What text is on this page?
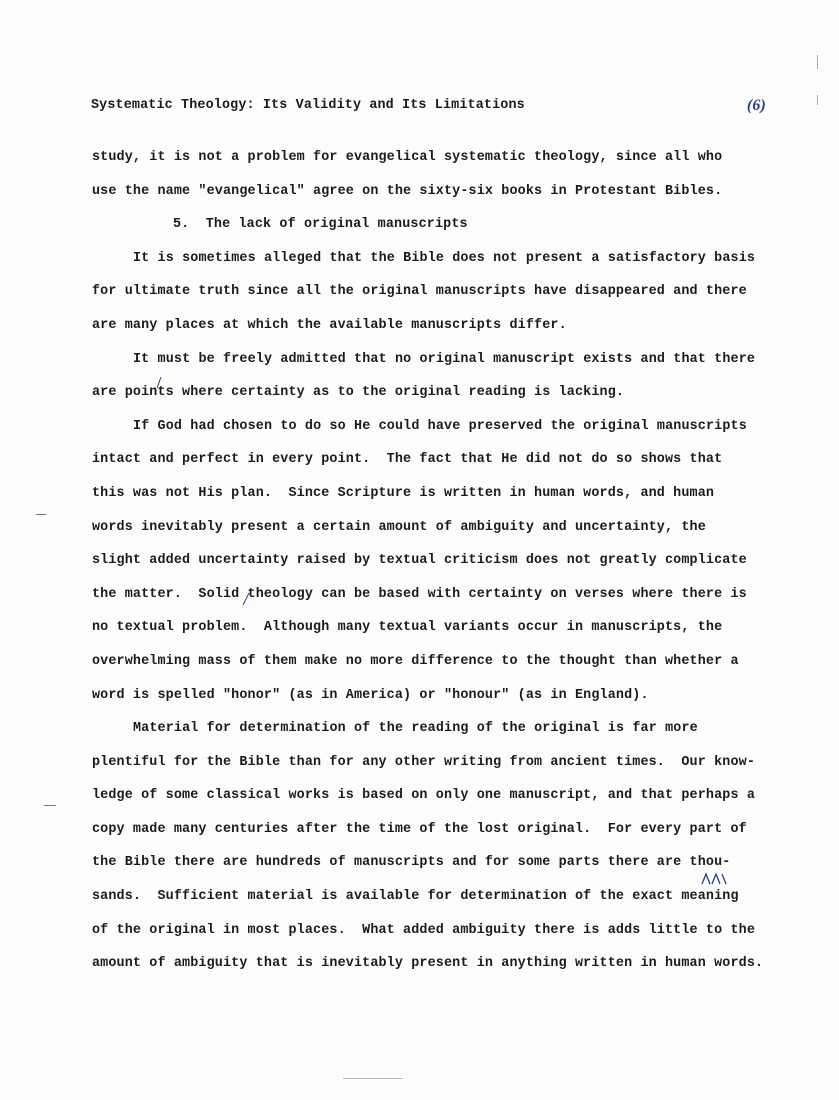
Systematic Theology: Its Validity and Its Limitations	(6)
study, it is not a problem for evangelical systematic theology, since all who
use the name "evangelical" agree on the sixty-six books in Protestant Bibles.
5.  The lack of original manuscripts
It is sometimes alleged that the Bible does not present a satisfactory basis
for ultimate truth since all the original manuscripts have disappeared and there
are many places at which the available manuscripts differ.
It must be freely admitted that no original manuscript exists and that there
are points where certainty as to the original reading is lacking.
If God had chosen to do so He could have preserved the original manuscripts
intact and perfect in every point.  The fact that He did not do so shows that
this was not His plan.  Since Scripture is written in human words, and human
words inevitably present a certain amount of ambiguity and uncertainty, the
slight added uncertainty raised by textual criticism does not greatly complicate
the matter.  Solid theology can be based with certainty on verses where there is
no textual problem.  Although many textual variants occur in manuscripts, the
overwhelming mass of them make no more difference to the thought than whether a
word is spelled "honor" (as in America) or "honour" (as in England).
Material for determination of the reading of the original is far more
plentiful for the Bible than for any other writing from ancient times.  Our know-
ledge of some classical works is based on only one manuscript, and that perhaps a
copy made many centuries after the time of the lost original.  For every part of
the Bible there are hundreds of manuscripts and for some parts there are thou-
sands.  Sufficient material is available for determination of the exact meaning
of the original in most places.  What added ambiguity there is adds little to the
amount of ambiguity that is inevitably present in anything written in human words.
